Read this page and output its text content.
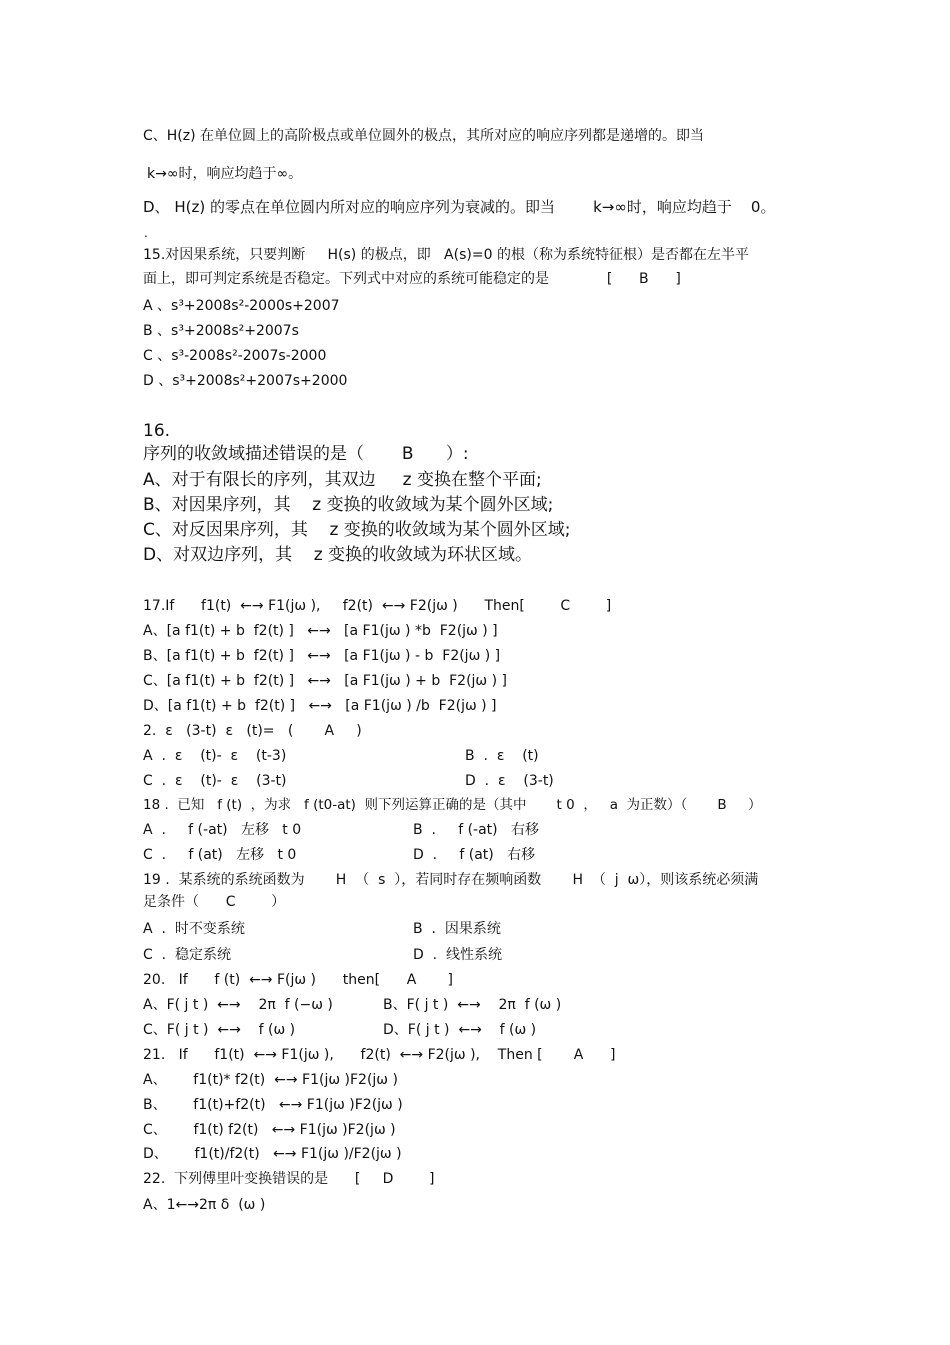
C、H(z) 在单位圆上的高阶极点或单位圆外的极点，其所对应的响应序列都是递增的。即当
k→∞时，响应均趋于∞。
D、 H(z) 的零点在单位圆内所对应的响应序列为衰减的。即当        k→∞时，响应均趋于    0。
.
15.对因果系统，只要判断     H(s) 的极点，即   A(s)=0 的根（称为系统特征根）是否都在左半平
面上，即可判定系统是否稳定。下列式中对应的系统可能稳定的是             [      B      ]
A 、s³+2008s²-2000s+2007
B 、s³+2008s²+2007s
C 、s³-2008s²-2007s-2000
D 、s³+2008s²+2007s+2000
16.
序列的收敛域描述错误的是（       B      ）:
A、对于有限长的序列，其双边     z 变换在整个平面;
B、对因果序列，其    z 变换的收敛域为某个圆外区域;
C、对反因果序列，其    z 变换的收敛域为某个圆外区域;
D、对双边序列，其    z 变换的收敛域为环状区域。
17.If      f1(t)  ←→ F1(jω ),     f2(t)  ←→ F2(jω )      Then[        C        ]
A、[a f1(t) + b  f2(t) ]   ←→   [a F1(jω ) *b  F2(jω ) ]
B、[a f1(t) + b  f2(t) ]   ←→   [a F1(jω ) - b  F2(jω ) ]
C、[a f1(t) + b  f2(t) ]   ←→   [a F1(jω ) + b  F2(jω ) ]
D、[a f1(t) + b  f2(t) ]   ←→   [a F1(jω ) /b  F2(jω ) ]
2.  ε   (3-t)  ε   (t)=   (       A     )
A  .  ε    (t)-  ε    (t-3)	B  .  ε    (t)
C  .  ε    (t)-  ε    (3-t)	D  .  ε    (3-t)
18 .  已知   f (t)  ，为求   f (t0-at)  则下列运算正确的是（其中       t 0  ，   a  为正数）（       B     ）
A  .     f (-at)   左移   t 0	B  .     f (-at)   右移
C  .     f (at)   左移   t 0	D  .     f (at)   右移
19 .  某系统的系统函数为       H  （  s  ），若同时存在频响函数       H  （  j  ω），则该系统必须满
足条件（      C        ）
A  .  时不变系统	B  .  因果系统
C  .  稳定系统	D  .  线性系统
20.   If      f (t)  ←→ F(jω )      then[      A       ]
A、F( j t )  ←→    2π  f (−ω )	B、F( j t )  ←→    2π  f (ω )
C、F( j t )  ←→    f (ω )	D、F( j t )  ←→    f (ω )
21.   If      f1(t)  ←→ F1(jω ),      f2(t)  ←→ F2(jω ),    Then [       A      ]
A、      f1(t)* f2(t)  ←→ F1(jω )F2(jω )
B、      f1(t)+f2(t)   ←→ F1(jω )F2(jω )
C、      f1(t) f2(t)   ←→ F1(jω )F2(jω )
D、      f1(t)/f2(t)   ←→ F1(jω )/F2(jω )
22.  下列傅里叶变换错误的是      [     D        ]
A、1←→2π δ  (ω )
